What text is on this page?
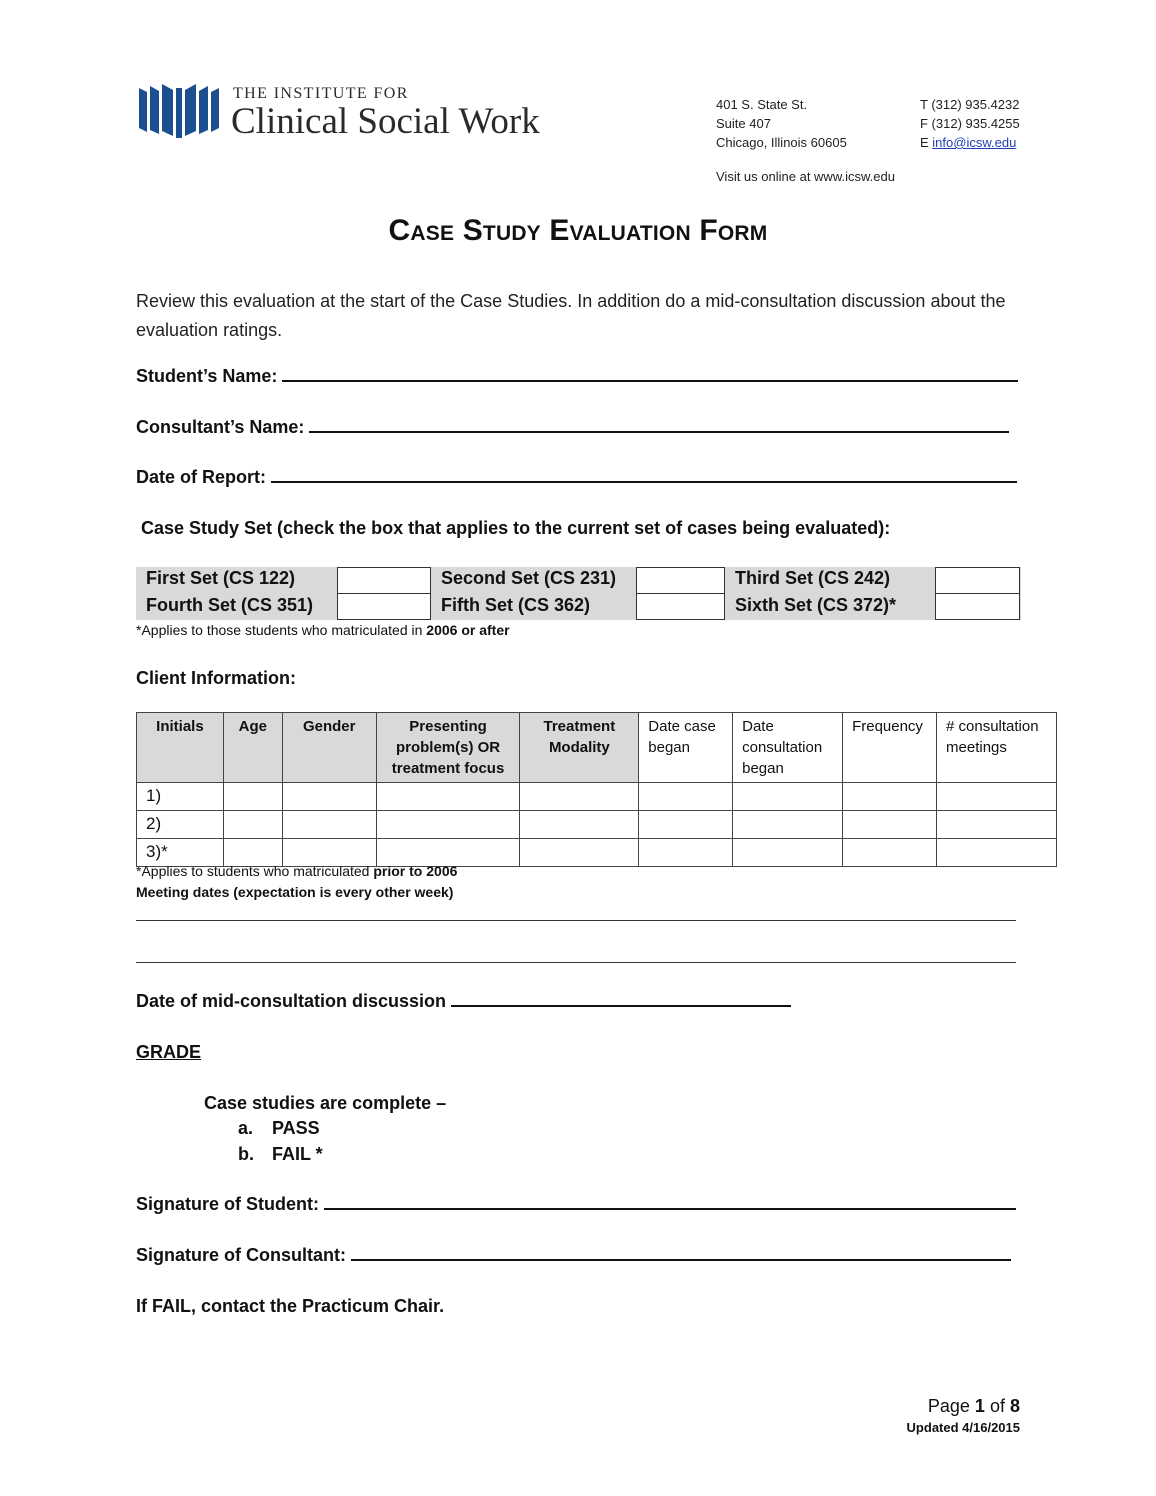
THE INSTITUTE FOR
Clinical Social Work	401 S. State St.
Suite 407
Chicago, Illinois 60605
T (312) 935.4232
F (312) 935.4255
E info@icsw.edu
Visit us online at www.icsw.edu
Case Study Evaluation Form
Review this evaluation at the start of the Case Studies. In addition do a mid-consultation discussion about the evaluation ratings.
Student’s Name:
Consultant’s Name:
Date of Report:
Case Study Set (check the box that applies to the current set of cases being evaluated):
First Set (CS 122)	Second Set (CS 231)	Third Set (CS 242)
Fourth Set (CS 351)	Fifth Set (CS 362)	Sixth Set (CS 372)*
*Applies to those students who matriculated in 2006 or after
Client Information:
Initials	Age	Gender	Presenting problem(s) OR treatment focus	Treatment Modality	Date case began	Date consultation began	Frequency	# consultation meetings
1)								
2)								
3)*								
*Applies to students who matriculated prior to 2006
Meeting dates (expectation is every other week)
Date of mid-consultation discussion
GRADE
Case studies are complete –
a. PASS
b. FAIL *
Signature of Student:
Signature of Consultant:
If FAIL, contact the Practicum Chair.
Page 1 of 8
Updated 4/16/2015
